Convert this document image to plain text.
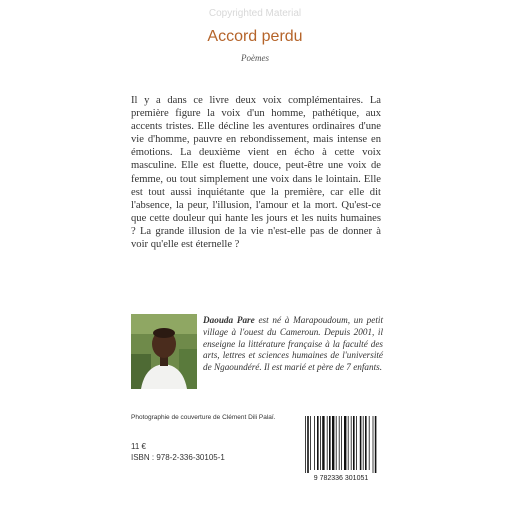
Copyrighted Material
Accord perdu
Poèmes
Il y a dans ce livre deux voix complémentaires. La première figure la voix d'un homme, pathétique, aux accents tristes. Elle décline les aventures ordinaires d'une vie d'homme, pauvre en rebondissement, mais intense en émotions. La deuxième vient en écho à cette voix masculine. Elle est fluette, douce, peut-être une voix de femme, ou tout simplement une voix dans le lointain. Elle est tout aussi inquiétante que la première, car elle dit l'absence, la peur, l'illusion, l'amour et la mort. Qu'est-ce que cette douleur qui hante les jours et les nuits humaines ? La grande illusion de la vie n'est-elle pas de donner à voir qu'elle est éternelle ?
Daouda Pare est né à Marapoudoum, un petit village à l'ouest du Cameroun. Depuis 2001, il enseigne la littérature française à la faculté des arts, lettres et sciences humaines de l'université de Ngaoundéré. Il est marié et père de 7 enfants.
Photographie de couverture de Clément Dili Palaï.
11 €
ISBN : 978-2-336-30105-1
9 782336 301051
